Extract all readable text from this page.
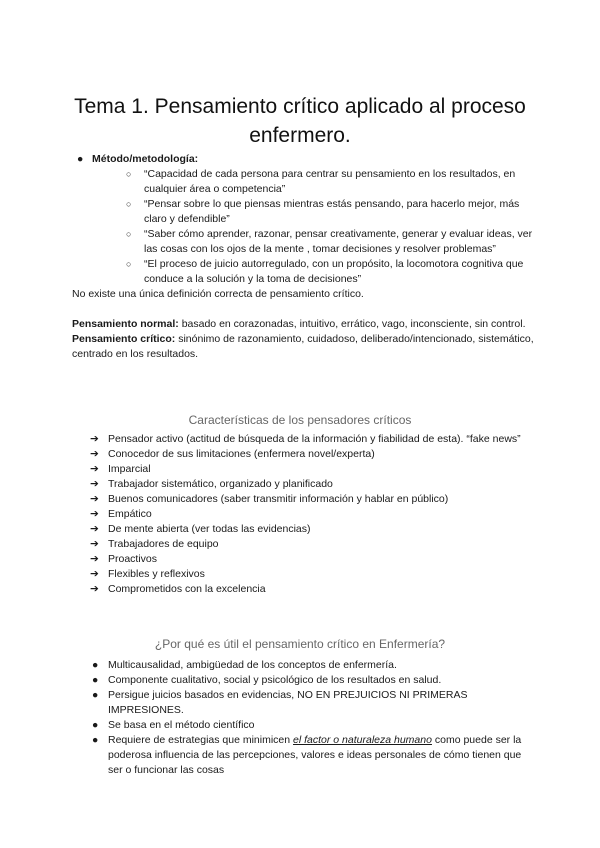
Tema 1. Pensamiento crítico aplicado al proceso enfermero.
● Método/metodología:
○ “Capacidad de cada persona para centrar su pensamiento en los resultados, en cualquier área o competencia”
○ “Pensar sobre lo que piensas mientras estás pensando, para hacerlo mejor, más claro y defendible”
○ “Saber cómo aprender, razonar, pensar creativamente, generar y evaluar ideas, ver las cosas con los ojos de la mente , tomar decisiones y resolver problemas”
○ “El proceso de juicio autorregulado, con un propósito, la locomotora cognitiva que conduce a la solución y la toma de decisiones”
No existe una única definición correcta de pensamiento crítico.
Pensamiento normal: basado en corazonadas, intuitivo, errático, vago, inconsciente, sin control.
Pensamiento crítico: sinónimo de razonamiento, cuidadoso, deliberado/intencionado, sistemático, centrado en los resultados.
Características de los pensadores críticos
➔ Pensador activo (actitud de búsqueda de la información y fiabilidad de esta). “fake news”
➔ Conocedor de sus limitaciones (enfermera novel/experta)
➔ Imparcial
➔ Trabajador sistemático, organizado y planificado
➔ Buenos comunicadores (saber transmitir información y hablar en público)
➔ Empático
➔ De mente abierta (ver todas las evidencias)
➔ Trabajadores de equipo
➔ Proactivos
➔ Flexibles y reflexivos
➔ Comprometidos con la excelencia
¿Por qué es útil el pensamiento crítico en Enfermería?
● Multicausalidad, ambigüedad de los conceptos de enfermería.
● Componente cualitativo, social y psicológico de los resultados en salud.
● Persigue juicios basados en evidencias, NO EN PREJUICIOS NI PRIMERAS IMPRESIONES.
● Se basa en el método científico
● Requiere de estrategias que minimicen el factor o naturaleza humano como puede ser la poderosa influencia de las percepciones, valores e ideas personales de cómo tienen que ser o funcionar las cosas
